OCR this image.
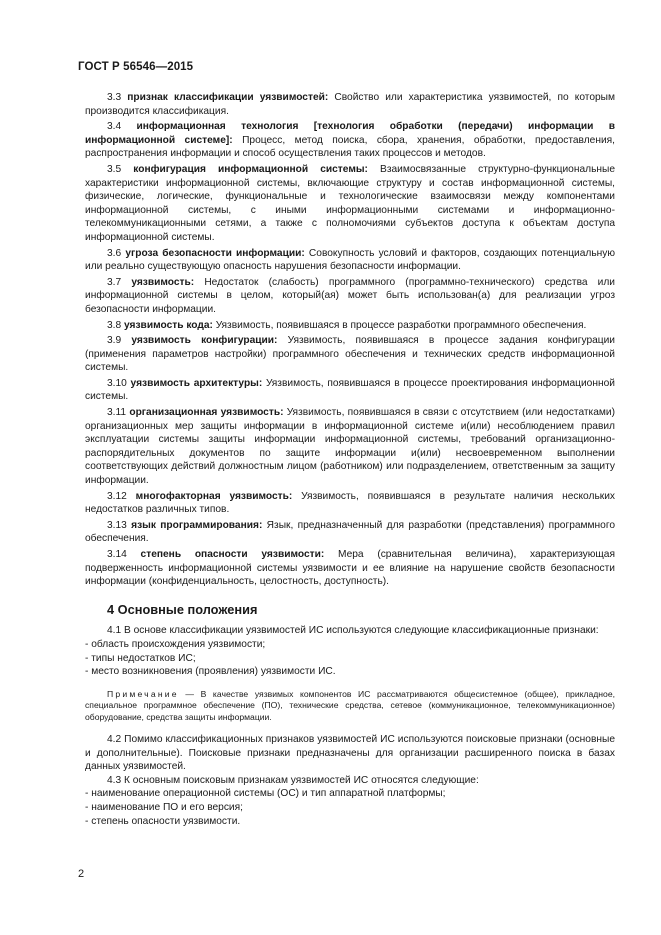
ГОСТ Р 56546—2015

3.3 признак классификации уязвимостей: Свойство или характеристика уязвимостей, по которым производится классификация.

3.4 информационная технология [технология обработки (передачи) информации в информационной системе]: Процесс, метод поиска, сбора, хранения, обработки, предоставления, распространения информации и способ осуществления таких процессов и методов.

3.5 конфигурация информационной системы: Взаимосвязанные структурно-функциональные характеристики информационной системы, включающие структуру и состав информационной системы, физические, логические, функциональные и технологические взаимосвязи между компонентами информационной системы, с иными информационными системами и информационно-телекоммуникационными сетями, а также с полномочиями субъектов доступа к объектам доступа информационной системы.

3.6 угроза безопасности информации: Совокупность условий и факторов, создающих потенциальную или реально существующую опасность нарушения безопасности информации.

3.7 уязвимость: Недостаток (слабость) программного (программно-технического) средства или информационной системы в целом, который(ая) может быть использован(а) для реализации угроз безопасности информации.

3.8 уязвимость кода: Уязвимость, появившаяся в процессе разработки программного обеспечения.

3.9 уязвимость конфигурации: Уязвимость, появившаяся в процессе задания конфигурации (применения параметров настройки) программного обеспечения и технических средств информационной системы.

3.10 уязвимость архитектуры: Уязвимость, появившаяся в процессе проектирования информационной системы.

3.11 организационная уязвимость: Уязвимость, появившаяся в связи с отсутствием (или недостатками) организационных мер защиты информации в информационной системе и(или) несоблюдением правил эксплуатации системы защиты информации информационной системы, требований организационно-распорядительных документов по защите информации и(или) несвоевременном выполнении соответствующих действий должностным лицом (работником) или подразделением, ответственным за защиту информации.

3.12 многофакторная уязвимость: Уязвимость, появившаяся в результате наличия нескольких недостатков различных типов.

3.13 язык программирования: Язык, предназначенный для разработки (представления) программного обеспечения.

3.14 степень опасности уязвимости: Мера (сравнительная величина), характеризующая подверженность информационной системы уязвимости и ее влияние на нарушение свойств безопасности информации (конфиденциальность, целостность, доступность).

4 Основные положения

4.1 В основе классификации уязвимостей ИС используются следующие классификационные признаки:

- область происхождения уязвимости;

- типы недостатков ИС;

- место возникновения (проявления) уязвимости ИС.

Примечание — В качестве уязвимых компонентов ИС рассматриваются общесистемное (общее), прикладное, специальное программное обеспечение (ПО), технические средства, сетевое (коммуникационное, телекоммуникационное) оборудование, средства защиты информации.

4.2 Помимо классификационных признаков уязвимостей ИС используются поисковые признаки (основные и дополнительные). Поисковые признаки предназначены для организации расширенного поиска в базах данных уязвимостей.

4.3 К основным поисковым признакам уязвимостей ИС относятся следующие:

- наименование операционной системы (ОС) и тип аппаратной платформы;

- наименование ПО и его версия;

- степень опасности уязвимости.

2
